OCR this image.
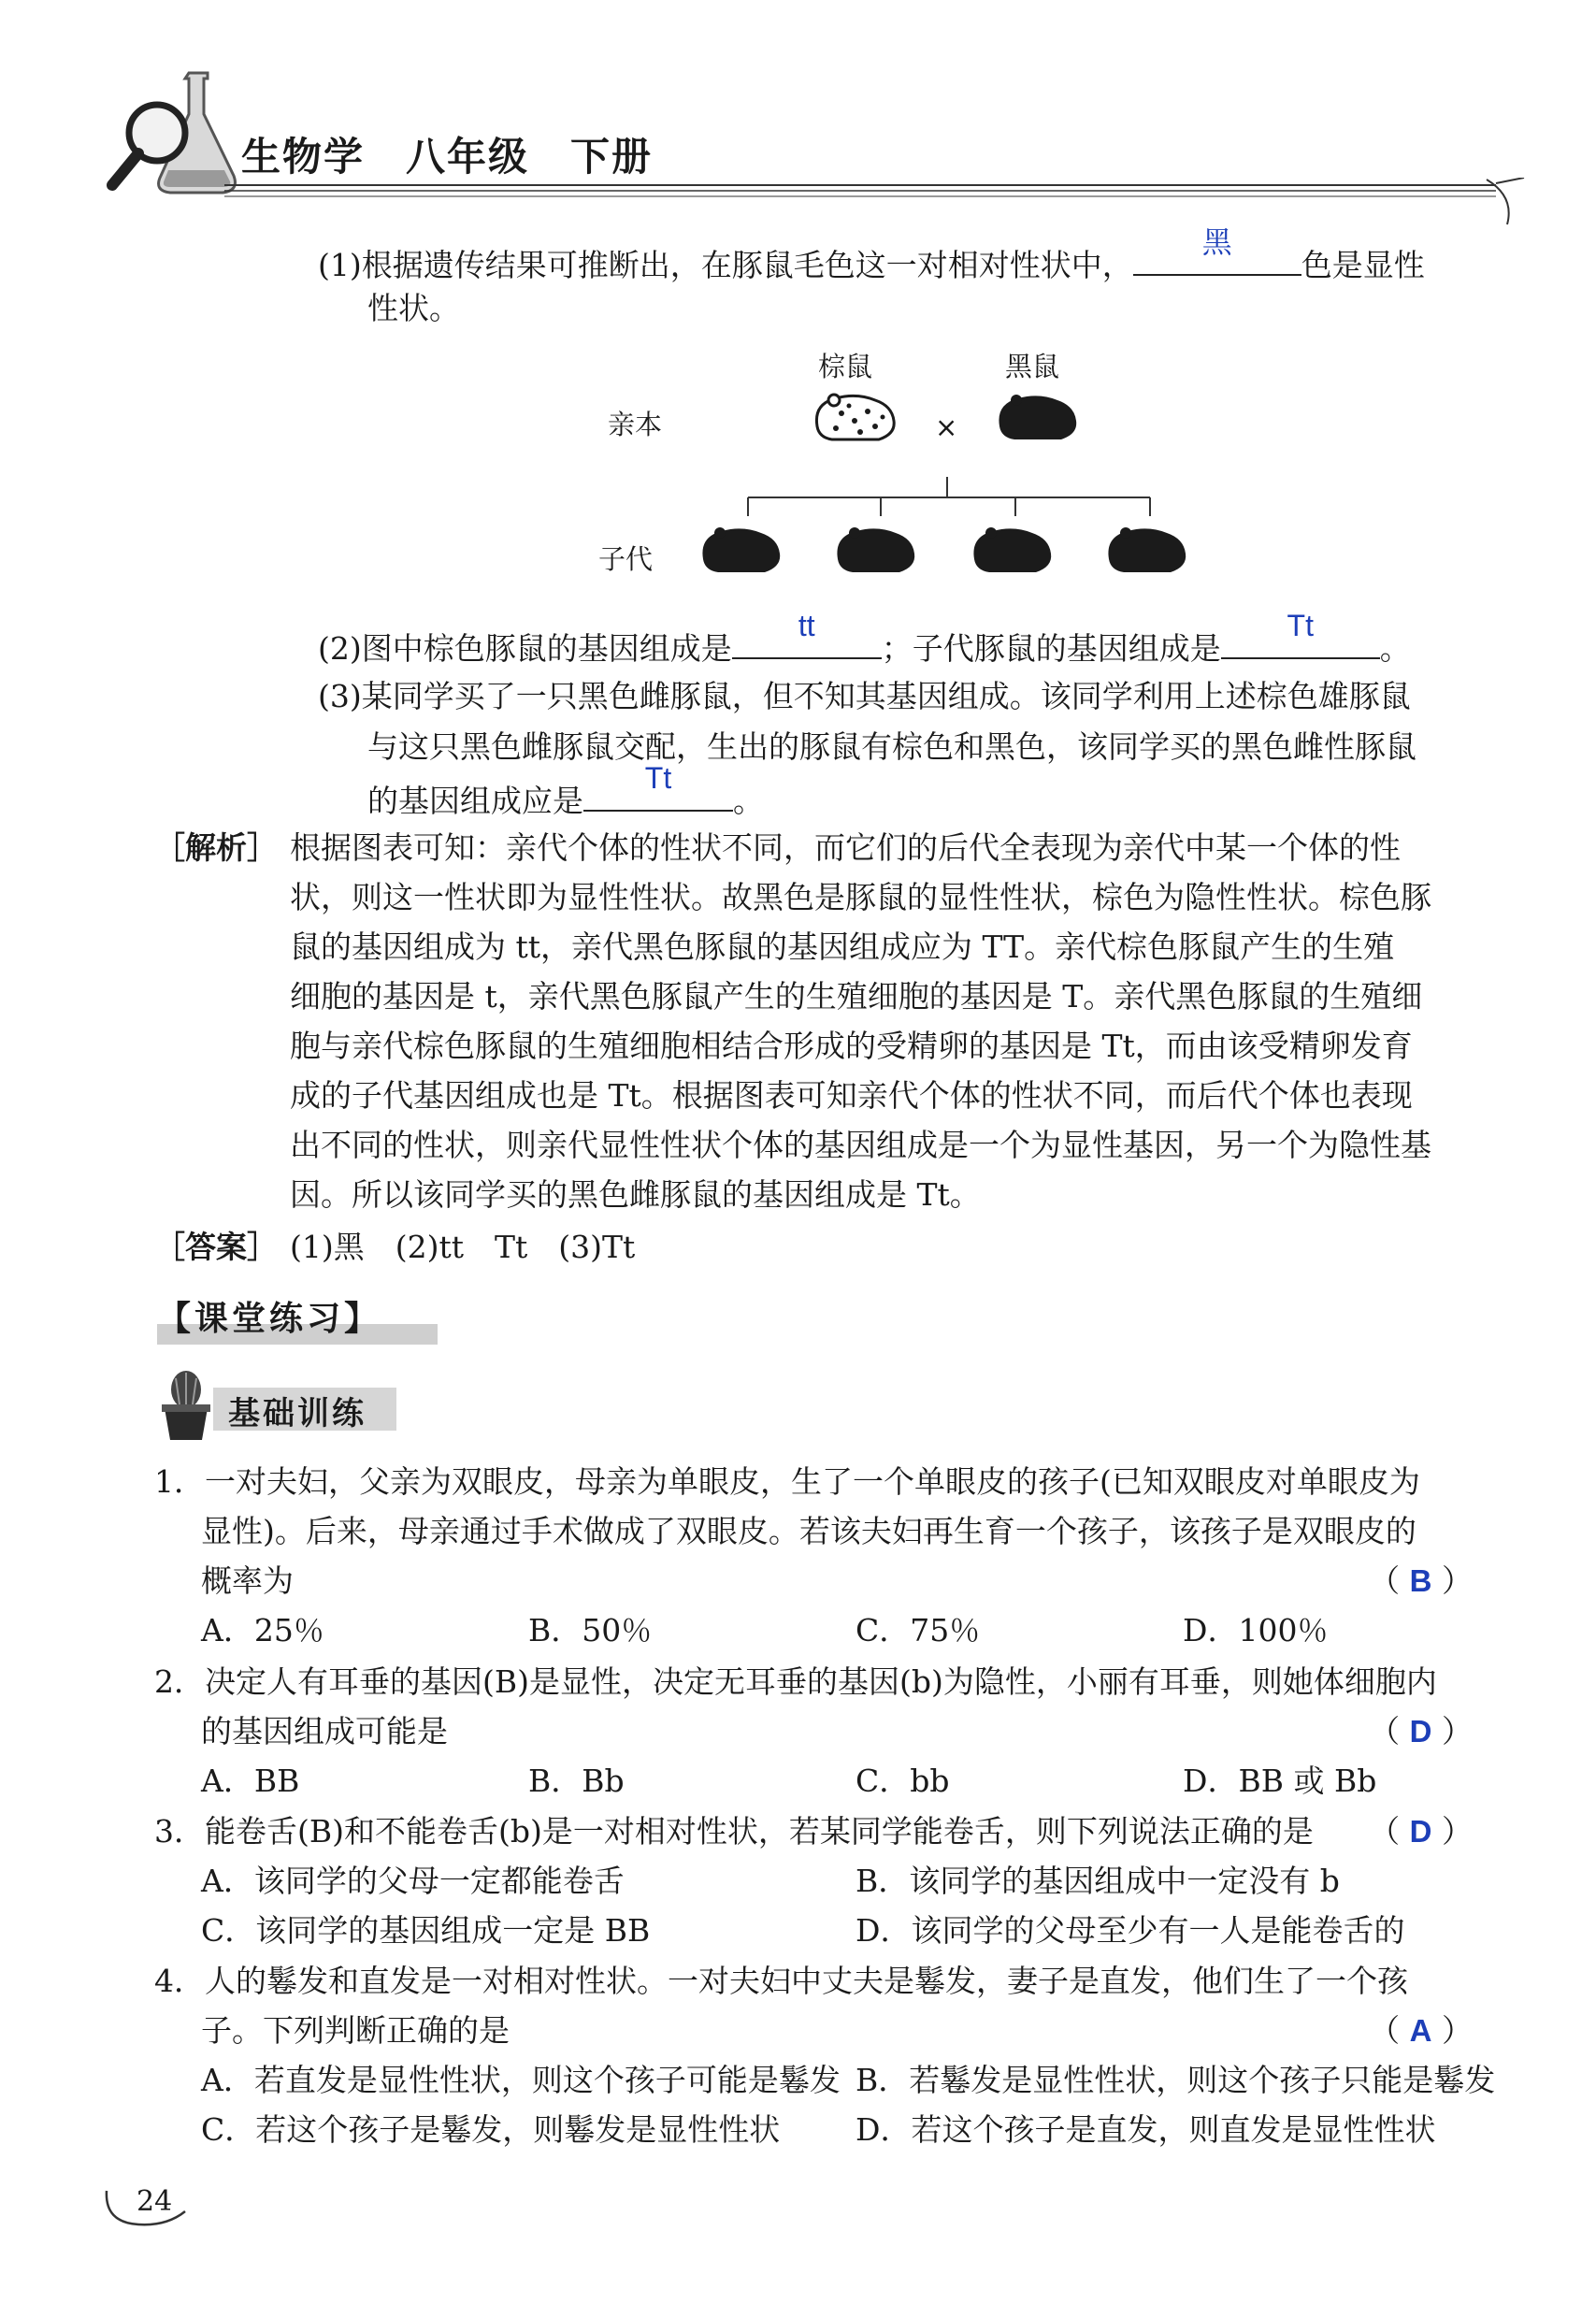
生物学　八年级　下册
(1)根据遗传结果可推断出，在豚鼠毛色这一对相对性状中，
黑
色是显性
性状。
棕鼠	黑鼠
亲本
子代
×
(2)图中棕色豚鼠的基因组成是
tt
；子代豚鼠的基因组成是
Tt
。
(3)某同学买了一只黑色雌豚鼠，但不知其基因组成。该同学利用上述棕色雄豚鼠
与这只黑色雌豚鼠交配，生出的豚鼠有棕色和黑色，该同学买的黑色雌性豚鼠
的基因组成应是
Tt
。
［解析］ 根据图表可知：亲代个体的性状不同，而它们的后代全表现为亲代中某一个体的性
状，则这一性状即为显性性状。故黑色是豚鼠的显性性状，棕色为隐性性状。棕色豚
鼠的基因组成为 tt，亲代黑色豚鼠的基因组成应为 TT。亲代棕色豚鼠产生的生殖
细胞的基因是 t，亲代黑色豚鼠产生的生殖细胞的基因是 T。亲代黑色豚鼠的生殖细
胞与亲代棕色豚鼠的生殖细胞相结合形成的受精卵的基因是 Tt，而由该受精卵发育
成的子代基因组成也是 Tt。根据图表可知亲代个体的性状不同，而后代个体也表现
出不同的性状，则亲代显性性状个体的基因组成是一个为显性基因，另一个为隐性基
因。所以该同学买的黑色雌豚鼠的基因组成是 Tt。
［答案］ (1)黑　(2)tt　Tt　(3)Tt
【课堂练习】
基础训练
1．一对夫妇，父亲为双眼皮，母亲为单眼皮，生了一个单眼皮的孩子(已知双眼皮对单眼皮为
显性)。后来，母亲通过手术做成了双眼皮。若该夫妇再生育一个孩子，该孩子是双眼皮的
概率为	（ B ）
A．25％	B．50％	C．75％	D．100％
2．决定人有耳垂的基因(B)是显性，决定无耳垂的基因(b)为隐性，小丽有耳垂，则她体细胞内
的基因组成可能是	（ D ）
A．BB	B．Bb	C．bb	D．BB 或 Bb
3．能卷舌(B)和不能卷舌(b)是一对相对性状，若某同学能卷舌，则下列说法正确的是	（ D ）
A．该同学的父母一定都能卷舌	B．该同学的基因组成中一定没有 b
C．该同学的基因组成一定是 BB	D．该同学的父母至少有一人是能卷舌的
4．人的鬈发和直发是一对相对性状。一对夫妇中丈夫是鬈发，妻子是直发，他们生了一个孩
子。下列判断正确的是	（ A ）
A．若直发是显性性状，则这个孩子可能是鬈发 B．若鬈发是显性性状，则这个孩子只能是鬈发
C．若这个孩子是鬈发，则鬈发是显性性状 D．若这个孩子是直发，则直发是显性性状
24
